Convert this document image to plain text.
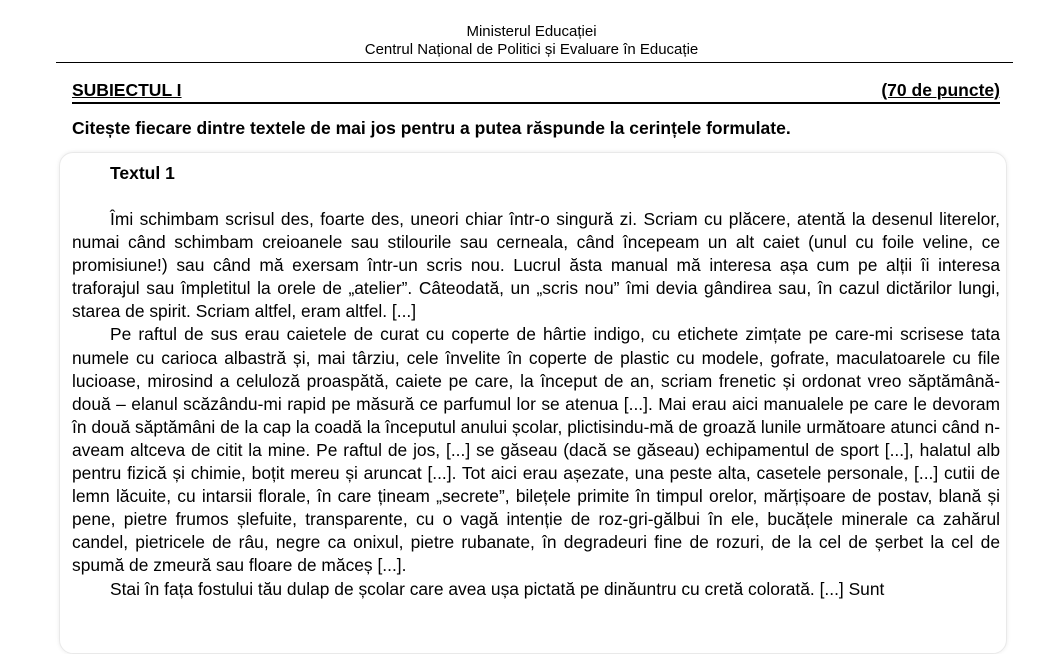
Ministerul Educației
Centrul Național de Politici și Evaluare în Educație
SUBIECTUL I	(70 de puncte)
Citește fiecare dintre textele de mai jos pentru a putea răspunde la cerințele formulate.
Textul 1

Îmi schimbam scrisul des, foarte des, uneori chiar într-o singură zi. Scriam cu plăcere, atentă la desenul literelor, numai când schimbam creioanele sau stilourile sau cerneala, când începeam un alt caiet (unul cu foile veline, ce promisiune!) sau când mă exersam într-un scris nou. Lucrul ăsta manual mă interesa așa cum pe alții îi interesa traforajul sau împletitul la orele de „atelier”. Câteodată, un „scris nou” îmi devia gândirea sau, în cazul dictărilor lungi, starea de spirit. Scriam altfel, eram altfel. [...]

Pe raftul de sus erau caietele de curat cu coperte de hârtie indigo, cu etichete zimțate pe care-mi scrisese tata numele cu carioca albastră și, mai târziu, cele învelite în coperte de plastic cu modele, gofrate, maculatoarele cu file lucioase, mirosind a celuloză proaspătă, caiete pe care, la început de an, scriam frenetic și ordonat vreo săptămână-două – elanul scăzându-mi rapid pe măsură ce parfumul lor se atenua [...]. Mai erau aici manualele pe care le devoram în două săptămâni de la cap la coadă la începutul anului școlar, plictisindu-mă de groază lunile următoare atunci când n-aveam altceva de citit la mine. Pe raftul de jos, [...] se găseau (dacă se găseau) echipamentul de sport [...], halatul alb pentru fizică și chimie, boțit mereu și aruncat [...]. Tot aici erau așezate, una peste alta, casetele personale, [...] cutii de lemn lăcuite, cu intarsii florale, în care țineam „secrete”, bilețele primite în timpul orelor, mărțișoare de postav, blană și pene, pietre frumos șlefuite, transparente, cu o vagă intenție de roz-gri-gălbui în ele, bucățele minerale ca zahărul candel, pietricele de râu, negre ca onixul, pietre rubanate, în degradeuri fine de rozuri, de la cel de șerbet la cel de spumă de zmeură sau floare de măceș [...].

Stai în fața fostului tău dulap de școlar care avea ușa pictată pe dinăuntru cu cretă colorată. [...] Sunt
